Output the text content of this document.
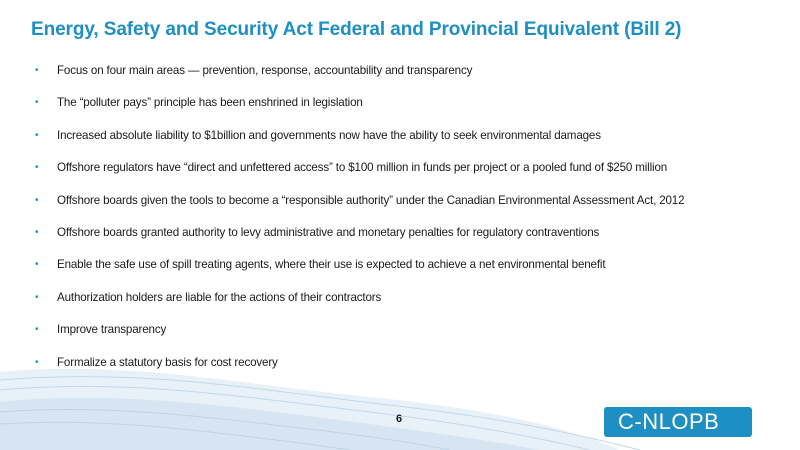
Energy, Safety and Security Act Federal and Provincial Equivalent (Bill 2)
•	Focus on four main areas — prevention, response, accountability and transparency
•	The “polluter pays” principle has been enshrined in legislation
•	Increased absolute liability to $1billion and governments now have the ability to seek environmental damages
•	Offshore regulators have “direct and unfettered access” to $100 million in funds per project or a pooled fund of $250 million
•	Offshore boards given the tools to become a “responsible authority” under the Canadian Environmental Assessment Act, 2012
•	Offshore boards granted authority to levy administrative and monetary penalties for regulatory contraventions
•	Enable the safe use of spill treating agents, where their use is expected to achieve a net environmental benefit
•	Authorization holders are liable for the actions of their contractors
•	Improve transparency
•	Formalize a statutory basis for cost recovery
6	C-NLOPB
